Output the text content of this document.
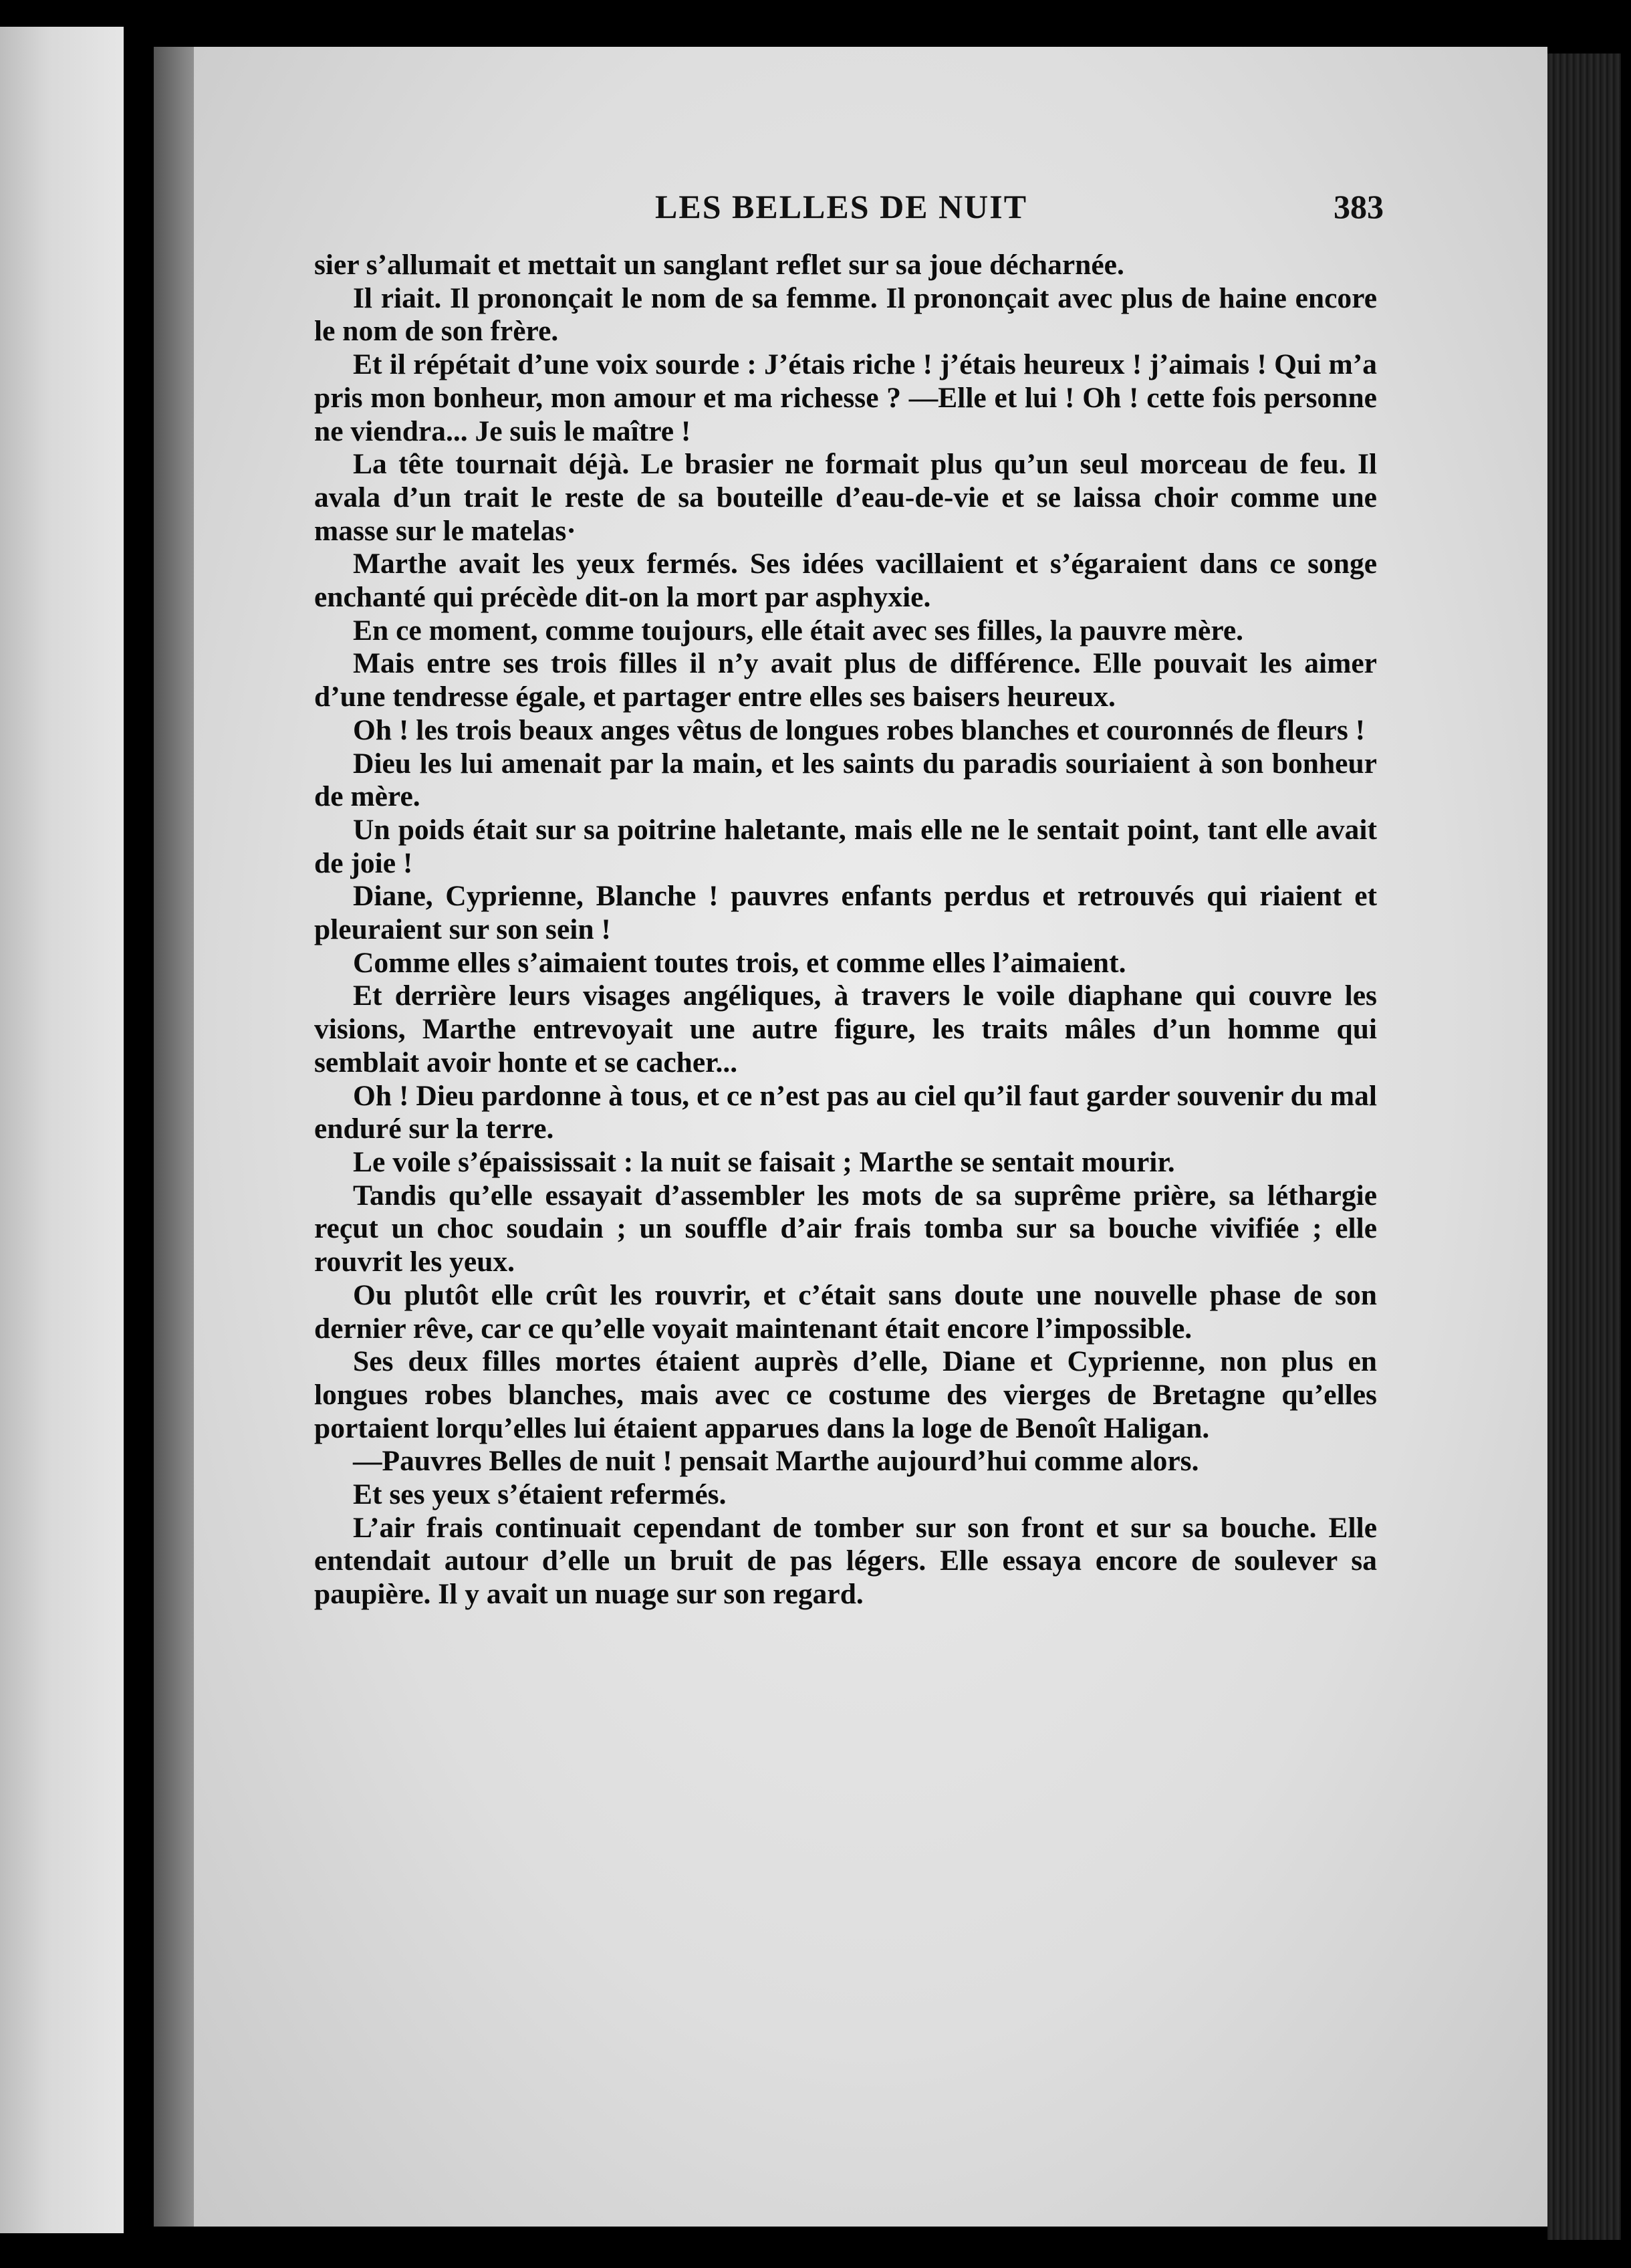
LES BELLES DE NUIT	383

sier s’allumait et mettait un sanglant reflet sur sa joue décharnée.

Il riait. Il prononçait le nom de sa femme. Il prononçait avec plus de haine encore le nom de son frère.

Et il répétait d’une voix sourde : J’étais riche ! j’étais heureux ! j’aimais ! Qui m’a pris mon bonheur, mon amour et ma richesse ? —Elle et lui ! Oh ! cette fois personne ne viendra... Je suis le maître !

La tête tournait déjà. Le brasier ne formait plus qu’un seul morceau de feu. Il avala d’un trait le reste de sa bouteille d’eau-de-vie et se laissa choir comme une masse sur le matelas·

Marthe avait les yeux fermés. Ses idées vacillaient et s’égaraient dans ce songe enchanté qui précède dit-on la mort par asphyxie.

En ce moment, comme toujours, elle était avec ses filles, la pauvre mère.

Mais entre ses trois filles il n’y avait plus de différence. Elle pouvait les aimer d’une tendresse égale, et partager entre elles ses baisers heureux.

Oh ! les trois beaux anges vêtus de longues robes blanches et couronnés de fleurs !

Dieu les lui amenait par la main, et les saints du paradis souriaient à son bonheur de mère.

Un poids était sur sa poitrine haletante, mais elle ne le sentait point, tant elle avait de joie !

Diane, Cyprienne, Blanche ! pauvres enfants perdus et retrouvés qui riaient et pleuraient sur son sein !

Comme elles s’aimaient toutes trois, et comme elles l’aimaient.

Et derrière leurs visages angéliques, à travers le voile diaphane qui couvre les visions, Marthe entrevoyait une autre figure, les traits mâles d’un homme qui semblait avoir honte et se cacher...

Oh ! Dieu pardonne à tous, et ce n’est pas au ciel qu’il faut garder souvenir du mal enduré sur la terre.

Le voile s’épaississait : la nuit se faisait ; Marthe se sentait mourir.

Tandis qu’elle essayait d’assembler les mots de sa suprême prière, sa léthargie reçut un choc soudain ; un souffle d’air frais tomba sur sa bouche vivifiée ; elle rouvrit les yeux.

Ou plutôt elle crût les rouvrir, et c’était sans doute une nouvelle phase de son dernier rêve, car ce qu’elle voyait maintenant était encore l’impossible.

Ses deux filles mortes étaient auprès d’elle, Diane et Cyprienne, non plus en longues robes blanches, mais avec ce costume des vierges de Bretagne qu’elles portaient lorqu’elles lui étaient apparues dans la loge de Benoît Haligan.

—Pauvres Belles de nuit ! pensait Marthe aujourd’hui comme alors.

Et ses yeux s’étaient refermés.

L’air frais continuait cependant de tomber sur son front et sur sa bouche. Elle entendait autour d’elle un bruit de pas légers. Elle essaya encore de soulever sa paupière. Il y avait un nuage sur son regard.
